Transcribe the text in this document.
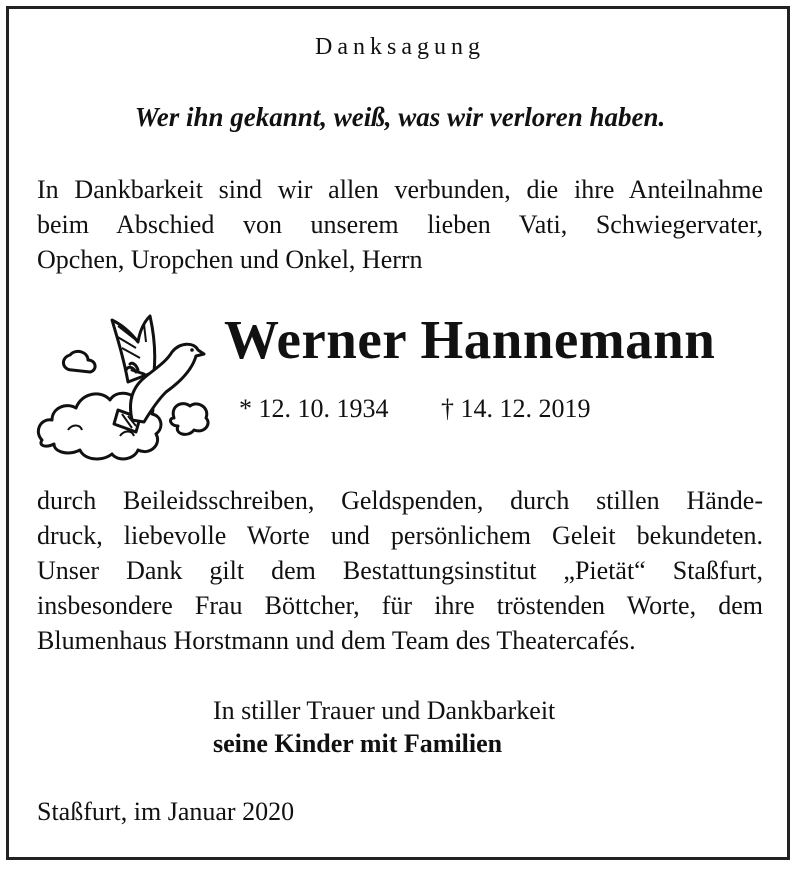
Danksagung
Wer ihn gekannt, weiß, was wir verloren haben.
In Dankbarkeit sind wir allen verbunden, die ihre Anteilnahme
beim Abschied von unserem lieben Vati, Schwiegervater,
Opchen, Uropchen und Onkel, Herrn
Werner Hannemann
* 12. 10. 1934 † 14. 12. 2019
durch Beileidsschreiben, Geldspenden, durch stillen Hände-
druck, liebevolle Worte und persönlichem Geleit bekundeten.
Unser Dank gilt dem Bestattungsinstitut „Pietät“ Staßfurt,
insbesondere Frau Böttcher, für ihre tröstenden Worte, dem
Blumenhaus Horstmann und dem Team des Theatercafés.
In stiller Trauer und Dankbarkeit
seine Kinder mit Familien
Staßfurt, im Januar 2020
